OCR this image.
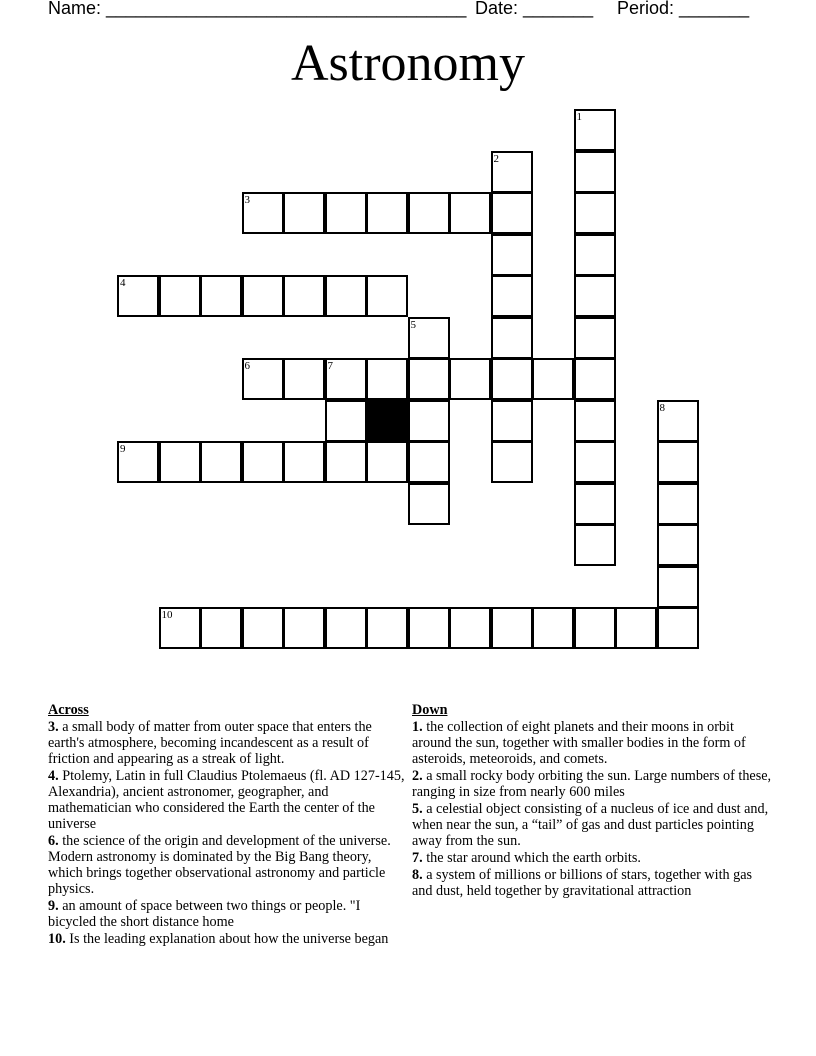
Name: ____________________________________ Date: _______ Period: _______
Astronomy
1
2
3
4
5
6	7
8
9
10
Across
3. a small body of matter from outer space that enters the earth's atmosphere, becoming incandescent as a result of friction and appearing as a streak of light.
4. Ptolemy, Latin in full Claudius Ptolemaeus (fl. AD 127-145, Alexandria), ancient astronomer, geographer, and mathematician who considered the Earth the center of the universe
6. the science of the origin and development of the universe. Modern astronomy is dominated by the Big Bang theory, which brings together observational astronomy and particle physics.
9. an amount of space between two things or people. "I bicycled the short distance home
10. Is the leading explanation about how the universe began
Down
1. the collection of eight planets and their moons in orbit around the sun, together with smaller bodies in the form of asteroids, meteoroids, and comets.
2. a small rocky body orbiting the sun. Large numbers of these, ranging in size from nearly 600 miles
5. a celestial object consisting of a nucleus of ice and dust and, when near the sun, a “tail” of gas and dust particles pointing away from the sun.
7. the star around which the earth orbits.
8. a system of millions or billions of stars, together with gas and dust, held together by gravitational attraction
